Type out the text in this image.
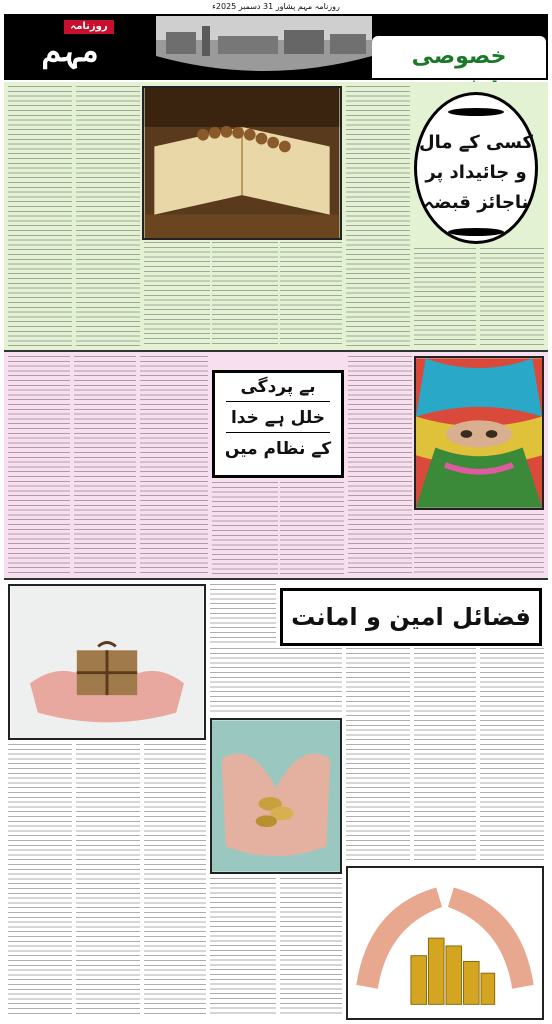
روزنامہ مہم پشاور 31 دسمبر 2025ء
روزنامہ
مہم	خصوصی
کسی کے مال
و جائیداد پر
ناجائز قبضہ
بے پردگی
خلل ہے خدا
کے نظام میں
فضائل امین و امانت
